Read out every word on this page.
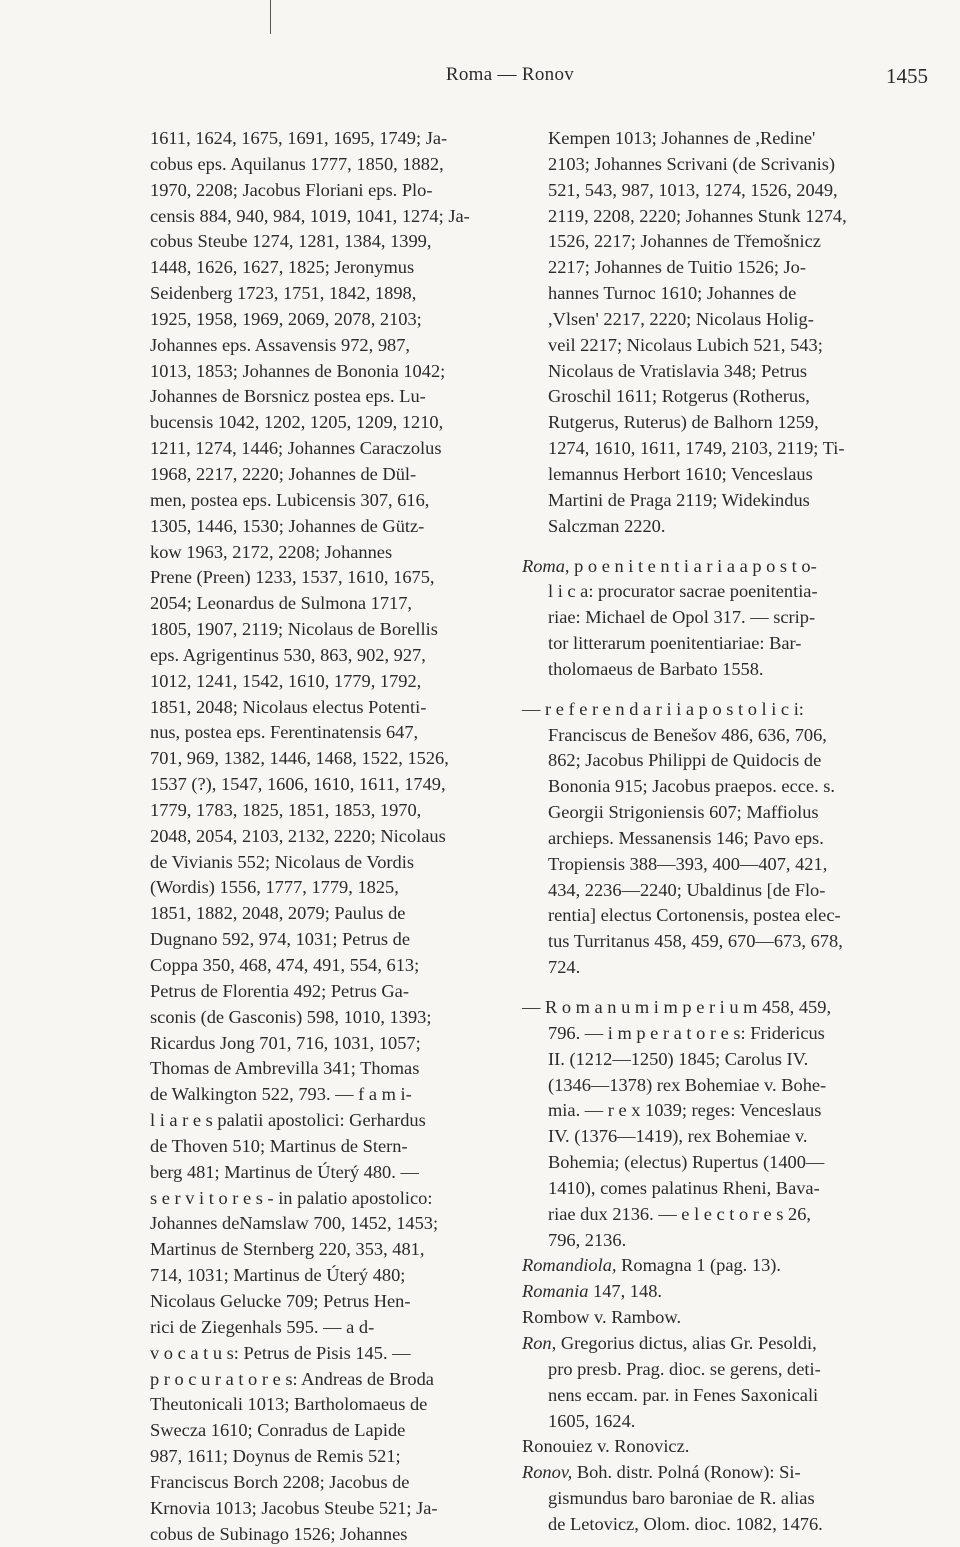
Roma — Ronov	1455
1611, 1624, 1675, 1691, 1695, 1749; Ja-
cobus eps. Aquilanus 1777, 1850, 1882,
1970, 2208; Jacobus Floriani eps. Plo-
censis 884, 940, 984, 1019, 1041, 1274; Ja-
cobus Steube 1274, 1281, 1384, 1399,
1448, 1626, 1627, 1825; Jeronymus
Seidenberg 1723, 1751, 1842, 1898,
1925, 1958, 1969, 2069, 2078, 2103;
Johannes eps. Assavensis 972, 987,
1013, 1853; Johannes de Bononia 1042;
Johannes de Borsnicz postea eps. Lu-
bucensis 1042, 1202, 1205, 1209, 1210,
1211, 1274, 1446; Johannes Caraczolus
1968, 2217, 2220; Johannes de Dül-
men, postea eps. Lubicensis 307, 616,
1305, 1446, 1530; Johannes de Gütz-
kow 1963, 2172, 2208; Johannes
Prene (Preen) 1233, 1537, 1610, 1675,
2054; Leonardus de Sulmona 1717,
1805, 1907, 2119; Nicolaus de Borellis
eps. Agrigentinus 530, 863, 902, 927,
1012, 1241, 1542, 1610, 1779, 1792,
1851, 2048; Nicolaus electus Potenti-
nus, postea eps. Ferentinatensis 647,
701, 969, 1382, 1446, 1468, 1522, 1526,
1537 (?), 1547, 1606, 1610, 1611, 1749,
1779, 1783, 1825, 1851, 1853, 1970,
2048, 2054, 2103, 2132, 2220; Nicolaus
de Vivianis 552; Nicolaus de Vordis
(Wordis) 1556, 1777, 1779, 1825,
1851, 1882, 2048, 2079; Paulus de
Dugnano 592, 974, 1031; Petrus de
Coppa 350, 468, 474, 491, 554, 613;
Petrus de Florentia 492; Petrus Ga-
sconis (de Gasconis) 598, 1010, 1393;
Ricardus Jong 701, 716, 1031, 1057;
Thomas de Ambrevilla 341; Thomas
de Walkington 522, 793. — f a m i-
l i a r e s palatii apostolici: Gerhardus
de Thoven 510; Martinus de Stern-
berg 481; Martinus de Úterý 480. —
s e r v i t o r e s - in palatio apostolico:
Johannes deNamslaw 700, 1452, 1453;
Martinus de Sternberg 220, 353, 481,
714, 1031; Martinus de Úterý 480;
Nicolaus Gelucke 709; Petrus Hen-
rici de Ziegenhals 595. — a d-
v o c a t u s: Petrus de Pisis 145. —
p r o c u r a t o r e s: Andreas de Broda
Theutonicali 1013; Bartholomaeus de
Swecza 1610; Conradus de Lapide
987, 1611; Doynus de Remis 521;
Franciscus Borch 2208; Jacobus de
Krnovia 1013; Jacobus Steube 521; Ja-
cobus de Subinago 1526; Johannes
Kempen 1013; Johannes de ,Redine'
2103; Johannes Scrivani (de Scrivanis)
521, 543, 987, 1013, 1274, 1526, 2049,
2119, 2208, 2220; Johannes Stunk 1274,
1526, 2217; Johannes de Třemošnicz
2217; Johannes de Tuitio 1526; Jo-
hannes Turnoc 1610; Johannes de
,Vlsen' 2217, 2220; Nicolaus Holig-
veil 2217; Nicolaus Lubich 521, 543;
Nicolaus de Vratislavia 348; Petrus
Groschil 1611; Rotgerus (Rotherus,
Rutgerus, Ruterus) de Balhorn 1259,
1274, 1610, 1611, 1749, 2103, 2119; Ti-
lemannus Herbort 1610; Venceslaus
Martini de Praga 2119; Widekindus
Salczman 2220.
Roma, p o e n i t e n t i a r i a a p o s t o-
l i c a: procurator sacrae poenitentia-
riae: Michael de Opol 317. — scrip-
tor litterarum poenitentiariae: Bar-
tholomaeus de Barbato 1558.
— r e f e r e n d a r i i a p o s t o l i c i:
Franciscus de Benešov 486, 636, 706,
862; Jacobus Philippi de Quidocis de
Bononia 915; Jacobus praepos. ecce. s.
Georgii Strigoniensis 607; Maffiolus
archieps. Messanensis 146; Pavo eps.
Tropiensis 388—393, 400—407, 421,
434, 2236—2240; Ubaldinus [de Flo-
rentia] electus Cortonensis, postea elec-
tus Turritanus 458, 459, 670—673, 678,
724.
— R o m a n u m i m p e r i u m 458, 459,
796. — i m p e r a t o r e s: Fridericus
II. (1212—1250) 1845; Carolus IV.
(1346—1378) rex Bohemiae v. Bohe-
mia. — r e x 1039; reges: Venceslaus
IV. (1376—1419), rex Bohemiae v.
Bohemia; (electus) Rupertus (1400—
1410), comes palatinus Rheni, Bava-
riae dux 2136. — e l e c t o r e s 26,
796, 2136.
Romandiola, Romagna 1 (pag. 13).
Romania 147, 148.
Rombow v. Rambow.
Ron, Gregorius dictus, alias Gr. Pesoldi,
pro presb. Prag. dioc. se gerens, deti-
nens eccam. par. in Fenes Saxonicali
1605, 1624.
Ronouiez v. Ronovicz.
Ronov, Boh. distr. Polná (Ronow): Si-
gismundus baro baroniae de R. alias
de Letovicz, Olom. dioc. 1082, 1476.
